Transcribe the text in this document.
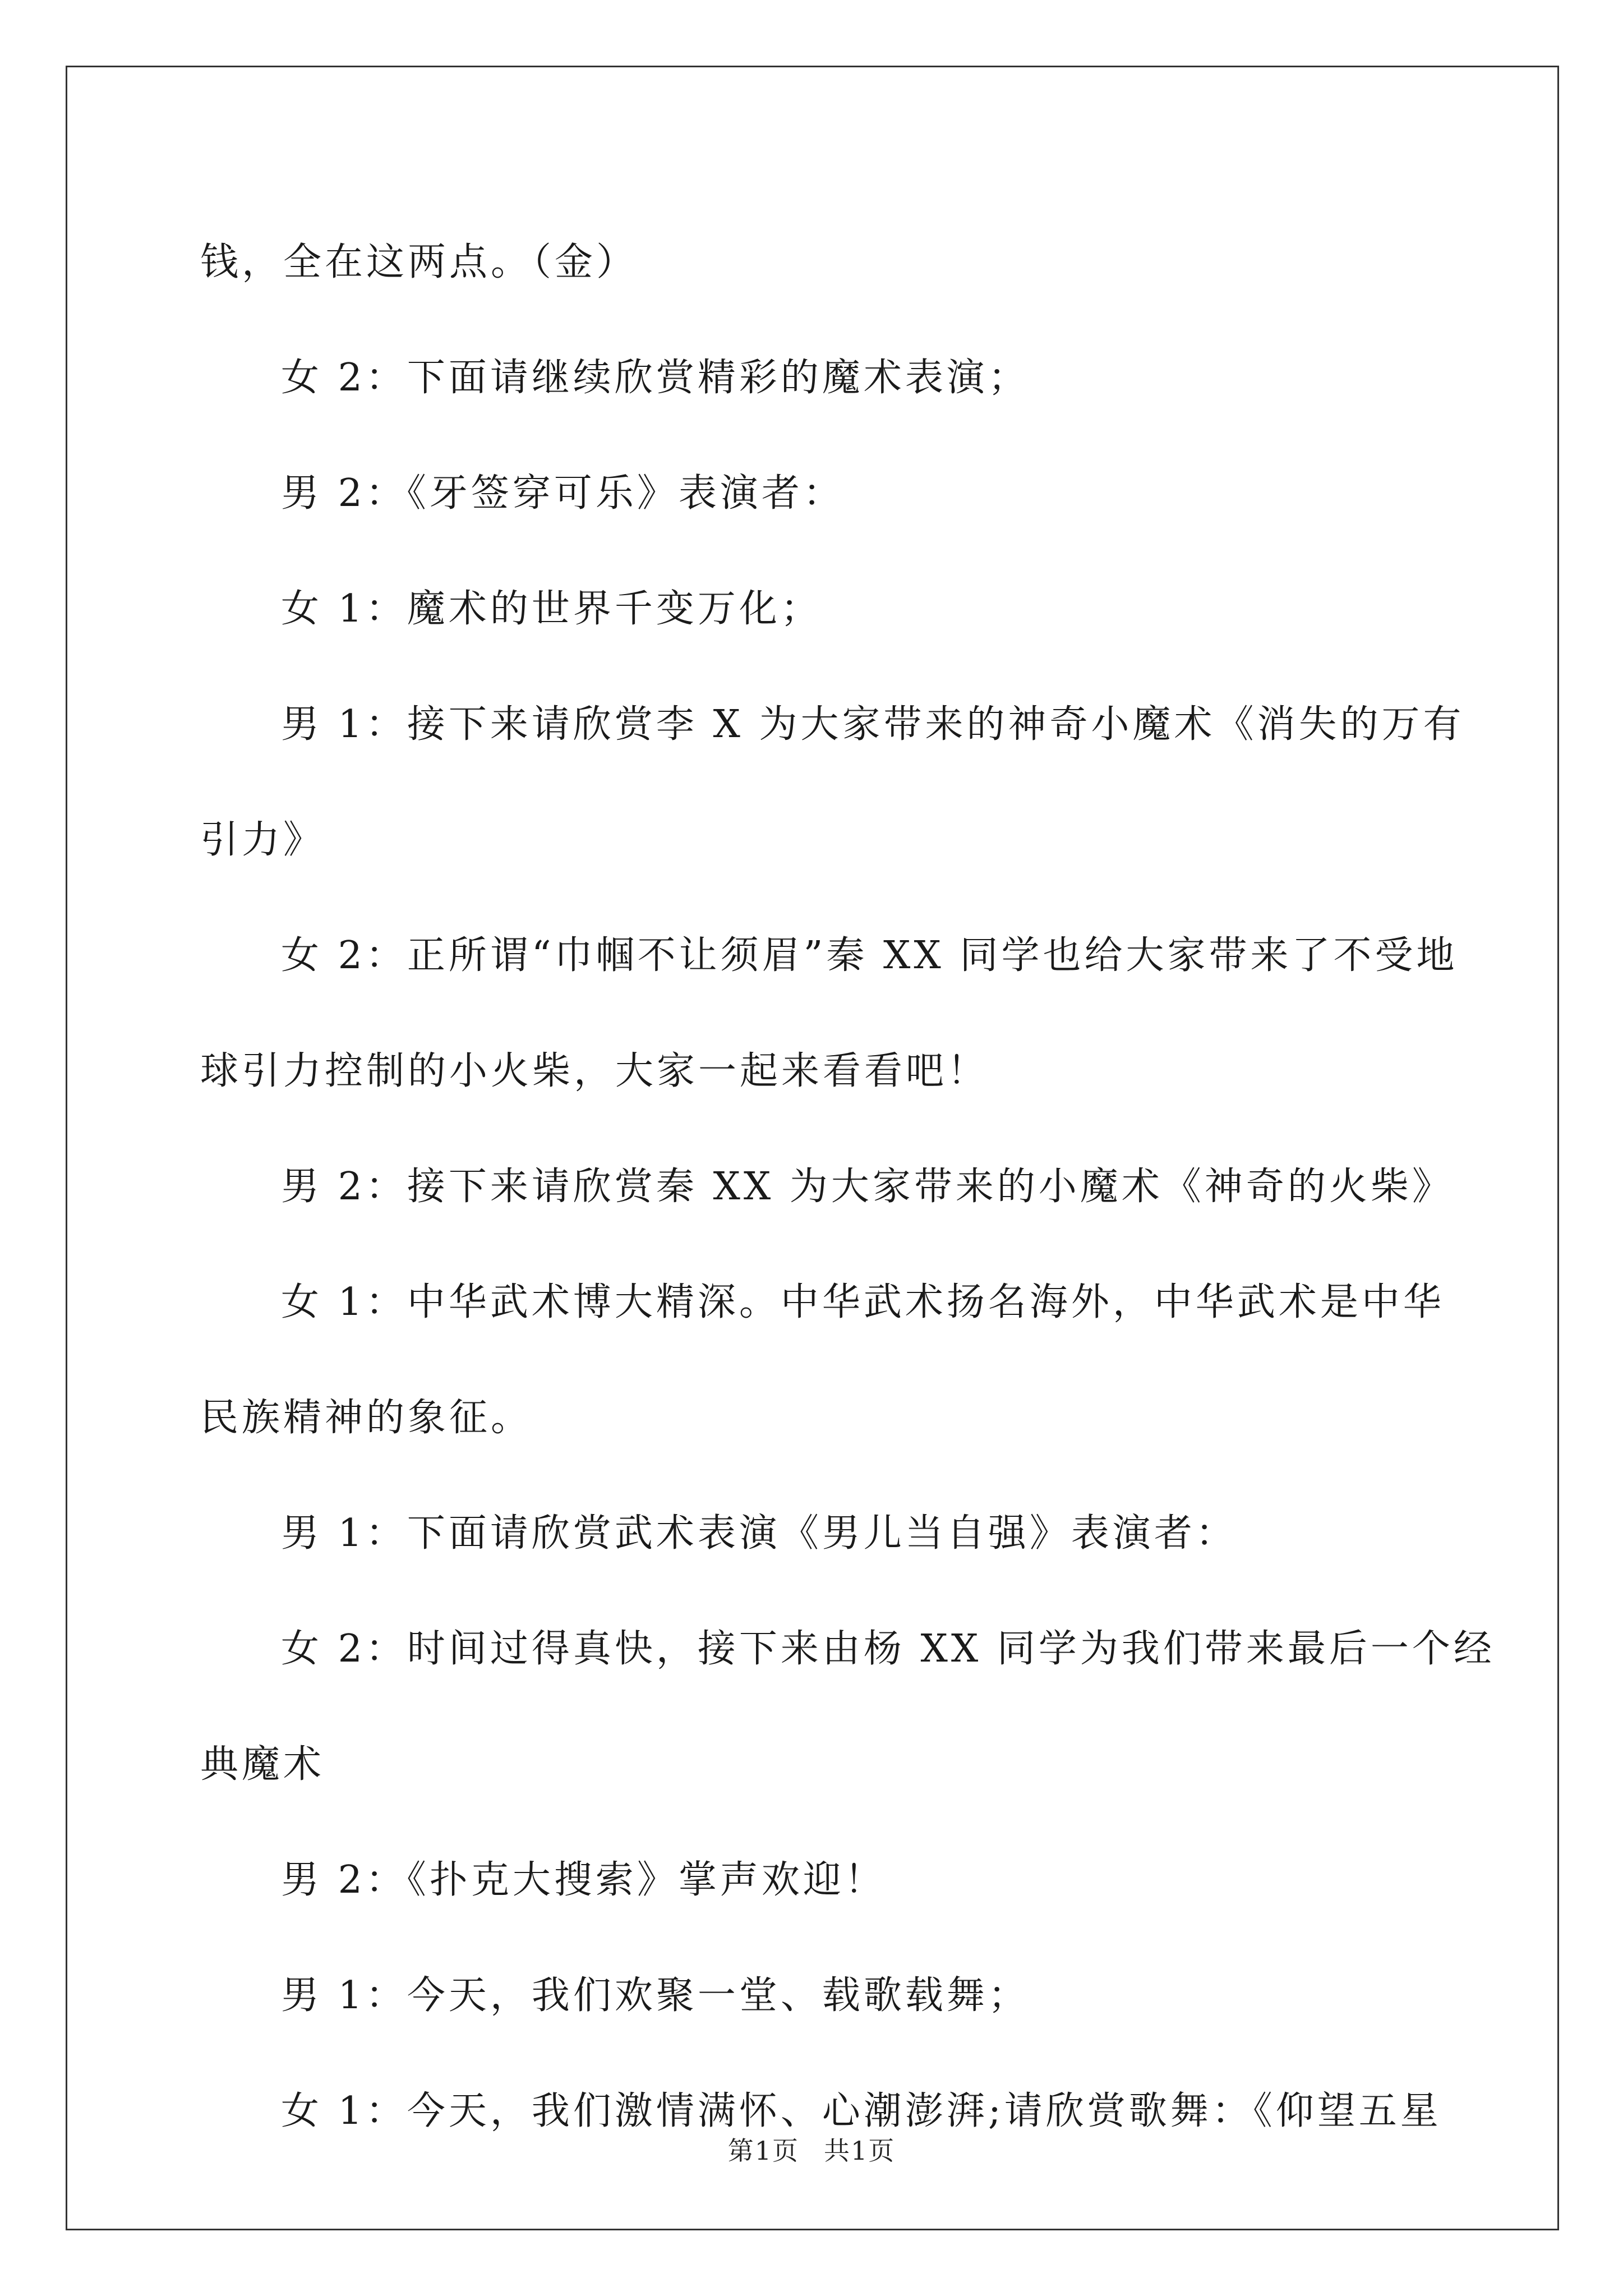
钱，全在这两点。（金）

女 2：下面请继续欣赏精彩的魔术表演；

男 2：《牙签穿可乐》表演者：

女 1：魔术的世界千变万化；

男 1：接下来请欣赏李 X 为大家带来的神奇小魔术《消失的万有

引力》

女 2：正所谓“巾帼不让须眉”秦 XX 同学也给大家带来了不受地

球引力控制的小火柴，大家一起来看看吧！

男 2：接下来请欣赏秦 XX 为大家带来的小魔术《神奇的火柴》

女 1：中华武术博大精深。中华武术扬名海外，中华武术是中华

民族精神的象征。

男 1：下面请欣赏武术表演《男儿当自强》表演者：

女 2：时间过得真快，接下来由杨 XX 同学为我们带来最后一个经

典魔术

男 2：《扑克大搜索》掌声欢迎！

男 1：今天，我们欢聚一堂、载歌载舞；

女 1：今天，我们激情满怀、心潮澎湃;请欣赏歌舞：《仰望五星

第1页 共1页
